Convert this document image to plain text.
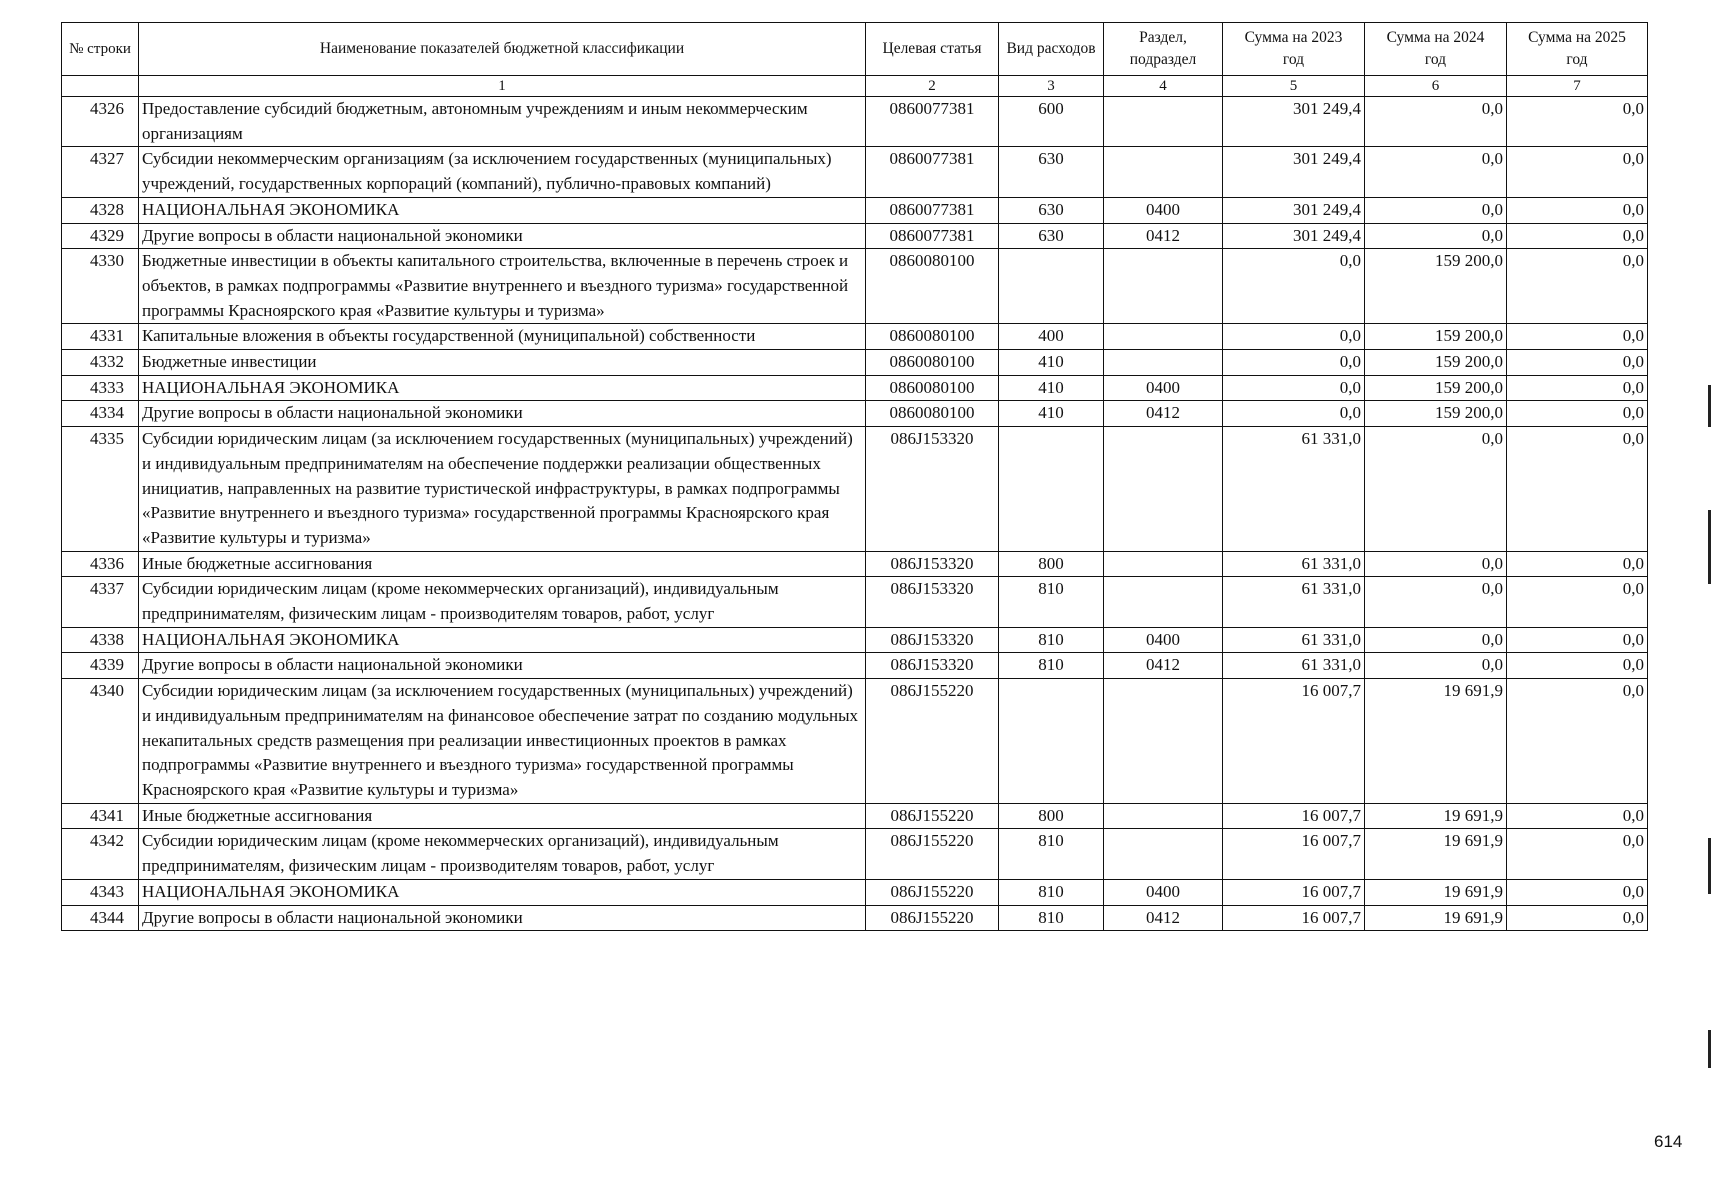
№ строки	Наименование показателей бюджетной классификации	Целевая статья	Вид расходов	Раздел, подраздел	Сумма на 2023 год	Сумма на 2024 год	Сумма на 2025 год
	1	2	3	4	5	6	7
4326	Предоставление субсидий бюджетным, автономным учреждениям и иным некоммерческим организациям	0860077381	600		301 249,4	0,0	0,0
4327	Субсидии некоммерческим организациям (за исключением государственных (муниципальных) учреждений, государственных корпораций (компаний), публично-правовых компаний)	0860077381	630		301 249,4	0,0	0,0
4328	НАЦИОНАЛЬНАЯ ЭКОНОМИКА	0860077381	630	0400	301 249,4	0,0	0,0
4329	Другие вопросы в области национальной экономики	0860077381	630	0412	301 249,4	0,0	0,0
4330	Бюджетные инвестиции в объекты капитального строительства, включенные в перечень строек и объектов, в рамках подпрограммы «Развитие внутреннего и въездного туризма» государственной программы Красноярского края «Развитие культуры и туризма»	0860080100			0,0	159 200,0	0,0
4331	Капитальные вложения в объекты государственной (муниципальной) собственности	0860080100	400		0,0	159 200,0	0,0
4332	Бюджетные инвестиции	0860080100	410		0,0	159 200,0	0,0
4333	НАЦИОНАЛЬНАЯ ЭКОНОМИКА	0860080100	410	0400	0,0	159 200,0	0,0
4334	Другие вопросы в области национальной экономики	0860080100	410	0412	0,0	159 200,0	0,0
4335	Субсидии юридическим лицам (за исключением государственных (муниципальных) учреждений) и индивидуальным предпринимателям на обеспечение поддержки реализации общественных инициатив, направленных на развитие туристической инфраструктуры, в рамках подпрограммы «Развитие внутреннего и въездного туризма» государственной программы Красноярского края «Развитие культуры и туризма»	086J153320			61 331,0	0,0	0,0
4336	Иные бюджетные ассигнования	086J153320	800		61 331,0	0,0	0,0
4337	Субсидии юридическим лицам (кроме некоммерческих организаций), индивидуальным предпринимателям, физическим лицам - производителям товаров, работ, услуг	086J153320	810		61 331,0	0,0	0,0
4338	НАЦИОНАЛЬНАЯ ЭКОНОМИКА	086J153320	810	0400	61 331,0	0,0	0,0
4339	Другие вопросы в области национальной экономики	086J153320	810	0412	61 331,0	0,0	0,0
4340	Субсидии юридическим лицам (за исключением государственных (муниципальных) учреждений) и индивидуальным предпринимателям на финансовое обеспечение затрат по созданию модульных некапитальных средств размещения при реализации инвестиционных проектов в рамках подпрограммы «Развитие внутреннего и въездного туризма» государственной программы Красноярского края «Развитие культуры и туризма»	086J155220			16 007,7	19 691,9	0,0
4341	Иные бюджетные ассигнования	086J155220	800		16 007,7	19 691,9	0,0
4342	Субсидии юридическим лицам (кроме некоммерческих организаций), индивидуальным предпринимателям, физическим лицам - производителям товаров, работ, услуг	086J155220	810		16 007,7	19 691,9	0,0
4343	НАЦИОНАЛЬНАЯ ЭКОНОМИКА	086J155220	810	0400	16 007,7	19 691,9	0,0
4344	Другие вопросы в области национальной экономики	086J155220	810	0412	16 007,7	19 691,9	0,0
614
